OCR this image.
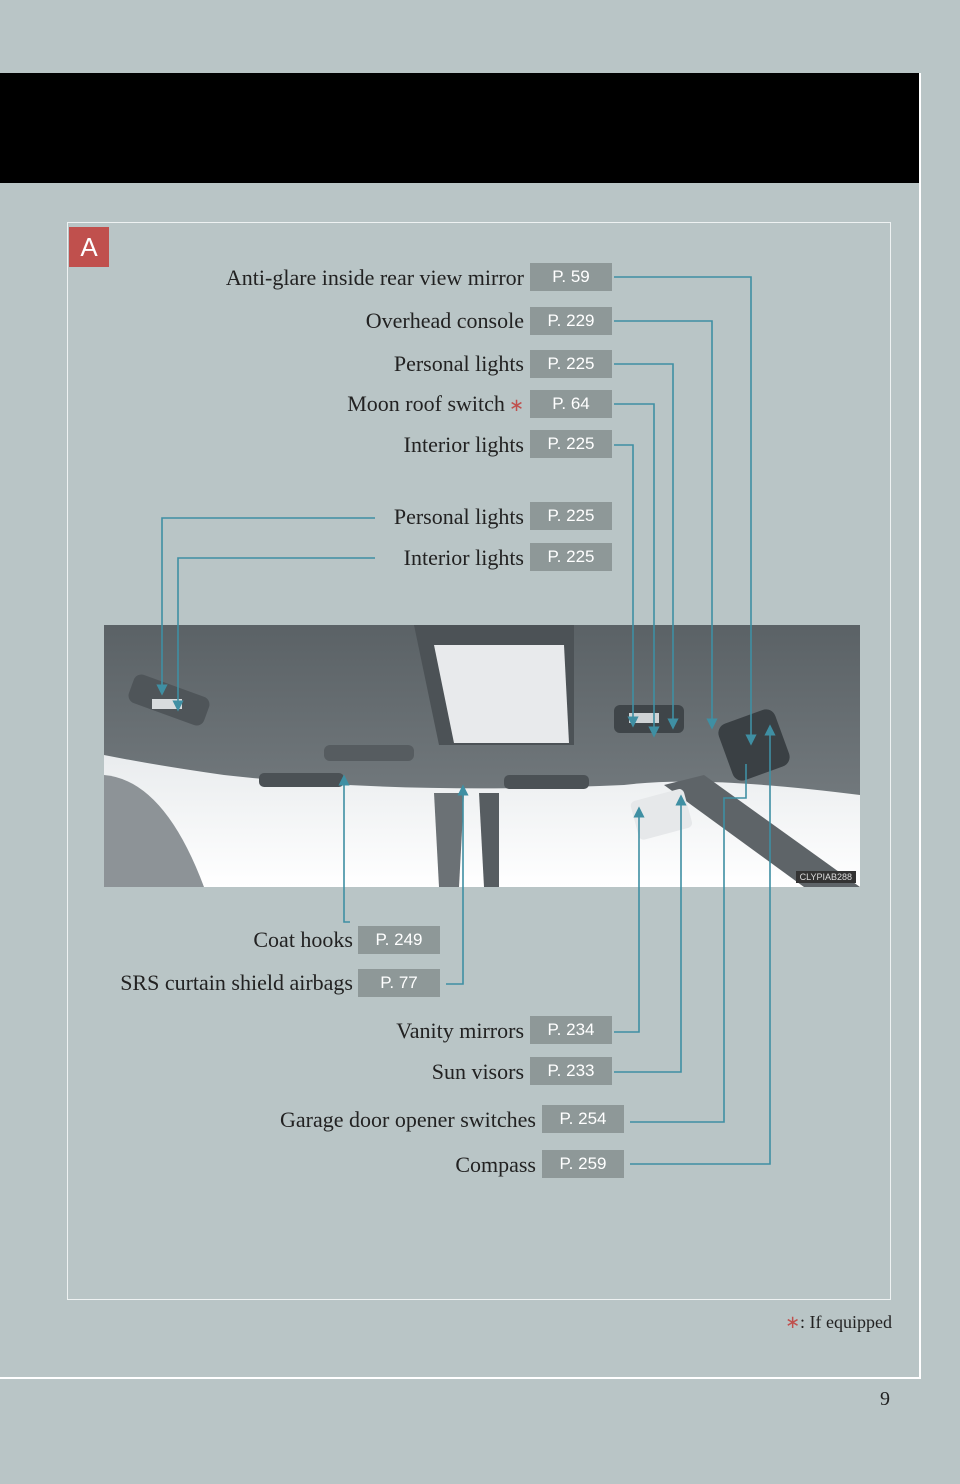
A
Anti-glare inside rear view mirror	P. 59
Overhead console	P. 229
Personal lights	P. 225
Moon roof switch ∗	P. 64
Interior lights	P. 225
Personal lights	P. 225
Interior lights	P. 225
CLYPIAB288
Coat hooks	P. 249
SRS curtain shield airbags	P. 77
Vanity mirrors	P. 234
Sun visors	P. 233
Garage door opener switches	P. 254
Compass	P. 259
∗: If equipped
9
